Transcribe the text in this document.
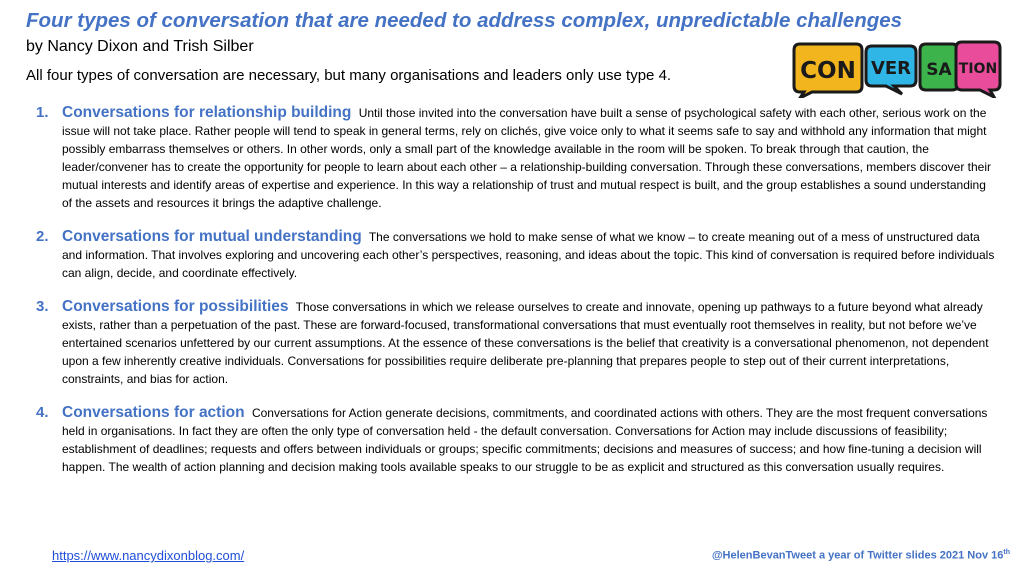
Four types of conversation that are needed to address complex, unpredictable challenges
by Nancy Dixon and Trish Silber
All four types of conversation are necessary, but many organisations and leaders only use type 4.	CON VER SA TION
1. Conversations for relationship building Until those invited into the conversation have built a sense of psychological safety with each other, serious work on the issue will not take place. Rather people will tend to speak in general terms, rely on clichés, give voice only to what it seems safe to say and withhold any information that might possibly embarrass themselves or others. In other words, only a small part of the knowledge available in the room will be spoken. To break through that caution, the leader/convener has to create the opportunity for people to learn about each other – a relationship-building conversation. Through these conversations, members discover their mutual interests and identify areas of expertise and experience. In this way a relationship of trust and mutual respect is built, and the group establishes a sound understanding of the assets and resources it brings the adaptive challenge.
2. Conversations for mutual understanding The conversations we hold to make sense of what we know – to create meaning out of a mess of unstructured data and information. That involves exploring and uncovering each other’s perspectives, reasoning, and ideas about the topic. This kind of conversation is required before individuals can align, decide, and coordinate effectively.
3. Conversations for possibilities Those conversations in which we release ourselves to create and innovate, opening up pathways to a future beyond what already exists, rather than a perpetuation of the past. These are forward-focused, transformational conversations that must eventually root themselves in reality, but not before we’ve entertained scenarios unfettered by our current assumptions. At the essence of these conversations is the belief that creativity is a conversational phenomenon, not dependent upon a few inherently creative individuals. Conversations for possibilities require deliberate pre-planning that prepares people to step out of their current interpretations, constraints, and bias for action.
4. Conversations for action Conversations for Action generate decisions, commitments, and coordinated actions with others. They are the most frequent conversations held in organisations. In fact they are often the only type of conversation held - the default conversation. Conversations for Action may include discussions of feasibility; establishment of deadlines; requests and offers between individuals or groups; specific commitments; decisions and measures of success; and how fine-tuning a decision will happen. The wealth of action planning and decision making tools available speaks to our struggle to be as explicit and structured as this conversation usually requires.
https://www.nancydixonblog.com/	@HelenBevanTweet a year of Twitter slides 2021 Nov 16th
